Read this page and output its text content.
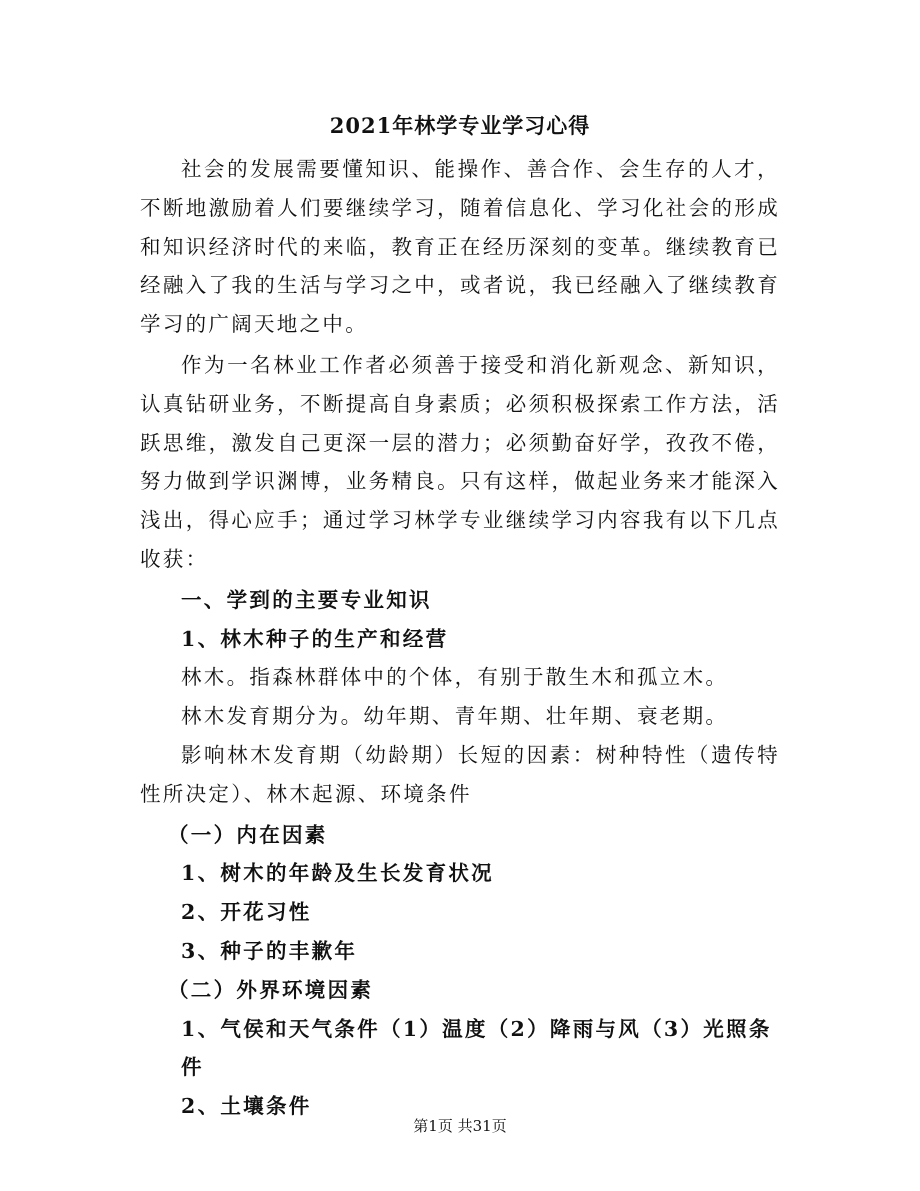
2021年林学专业学习心得

社会的发展需要懂知识、能操作、善合作、会生存的人才，不断地激励着人们要继续学习，随着信息化、学习化社会的形成和知识经济时代的来临，教育正在经历深刻的变革。继续教育已经融入了我的生活与学习之中，或者说，我已经融入了继续教育学习的广阔天地之中。

作为一名林业工作者必须善于接受和消化新观念、新知识，认真钻研业务，不断提高自身素质；必须积极探索工作方法，活跃思维，激发自己更深一层的潜力；必须勤奋好学，孜孜不倦，努力做到学识渊博，业务精良。只有这样，做起业务来才能深入浅出，得心应手；通过学习林学专业继续学习内容我有以下几点收获：

一、学到的主要专业知识

1、林木种子的生产和经营

林木。指森林群体中的个体，有别于散生木和孤立木。

林木发育期分为。幼年期、青年期、壮年期、衰老期。

影响林木发育期（幼龄期）长短的因素：树种特性（遗传特性所决定）、林木起源、环境条件

（一）内在因素

1、树木的年龄及生长发育状况

2、开花习性

3、种子的丰歉年

（二）外界环境因素

1、气侯和天气条件（1）温度（2）降雨与风（3）光照条件

2、土壤条件

第1页 共31页
